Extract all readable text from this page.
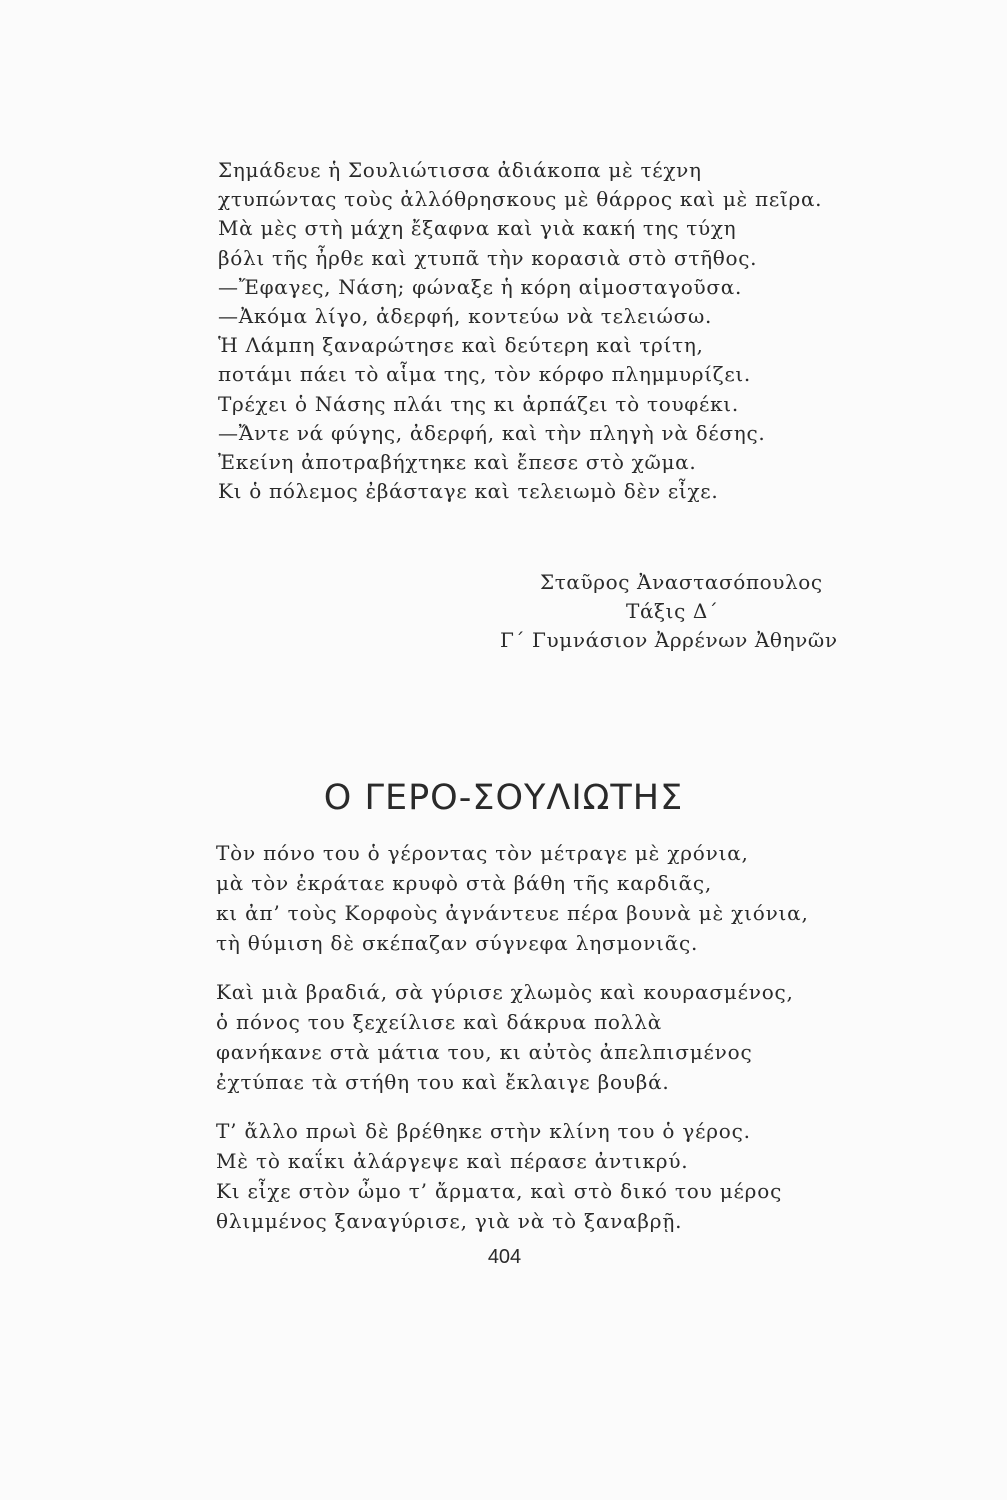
Σημάδευε ἡ Σουλιώτισσα ἀδιάκοπα μὲ τέχνη
χτυπώντας τοὺς ἀλλόθρησκους μὲ θάρρος καὶ μὲ πεῖρα.
Μὰ μὲς στὴ μάχη ἔξαφνα καὶ γιὰ κακή της τύχη
βόλι τῆς ἦρθε καὶ χτυπᾶ τὴν κορασιὰ στὸ στῆθος.
—Ἔφαγες, Νάση; φώναξε ἡ κόρη αἱμοσταγοῦσα.
—Ἀκόμα λίγο, ἀδερφή, κοντεύω νὰ τελειώσω.
Ἡ Λάμπη ξαναρώτησε καὶ δεύτερη καὶ τρίτη,
ποτάμι πάει τὸ αἷμα της, τὸν κόρφο πλημμυρίζει.
Τρέχει ὁ Νάσης πλάι της κι ἁρπάζει τὸ τουφέκι.
—Ἄντε νά φύγης, ἀδερφή, καὶ τὴν πληγὴ νὰ δέσης.
Ἐκείνη ἀποτραβήχτηκε καὶ ἔπεσε στὸ χῶμα.
Κι ὁ πόλεμος ἐβάσταγε καὶ τελειωμὸ δὲν εἶχε.
Σταῦρος Ἀναστασόπουλος
Τάξις Δ΄
Γ΄ Γυμνάσιον Ἀρρένων Ἀθηνῶν
Ο ΓΕΡΟ-ΣΟΥΛΙΩΤΗΣ
Τὸν πόνο του ὁ γέροντας τὸν μέτραγε μὲ χρόνια,
μὰ τὸν ἐκράταε κρυφὸ στὰ βάθη τῆς καρδιᾶς,
κι ἀπ’ τοὺς Κορφοὺς ἀγνάντευε πέρα βουνὰ μὲ χιόνια,
τὴ θύμιση δὲ σκέπαζαν σύγνεφα λησμονιᾶς.
Καὶ μιὰ βραδιά, σὰ γύρισε χλωμὸς καὶ κουρασμένος,
ὁ πόνος του ξεχείλισε καὶ δάκρυα πολλὰ
φανήκανε στὰ μάτια του, κι αὐτὸς ἀπελπισμένος
ἐχτύπαε τὰ στήθη του καὶ ἔκλαιγε βουβά.
Τ’ ἄλλο πρωὶ δὲ βρέθηκε στὴν κλίνη του ὁ γέρος.
Μὲ τὸ καΐκι ἀλάργεψε καὶ πέρασε ἀντικρύ.
Κι εἶχε στὸν ὦμο τ’ ἄρματα, καὶ στὸ δικό του μέρος
θλιμμένος ξαναγύρισε, γιὰ νὰ τὸ ξαναβρῇ.
404
